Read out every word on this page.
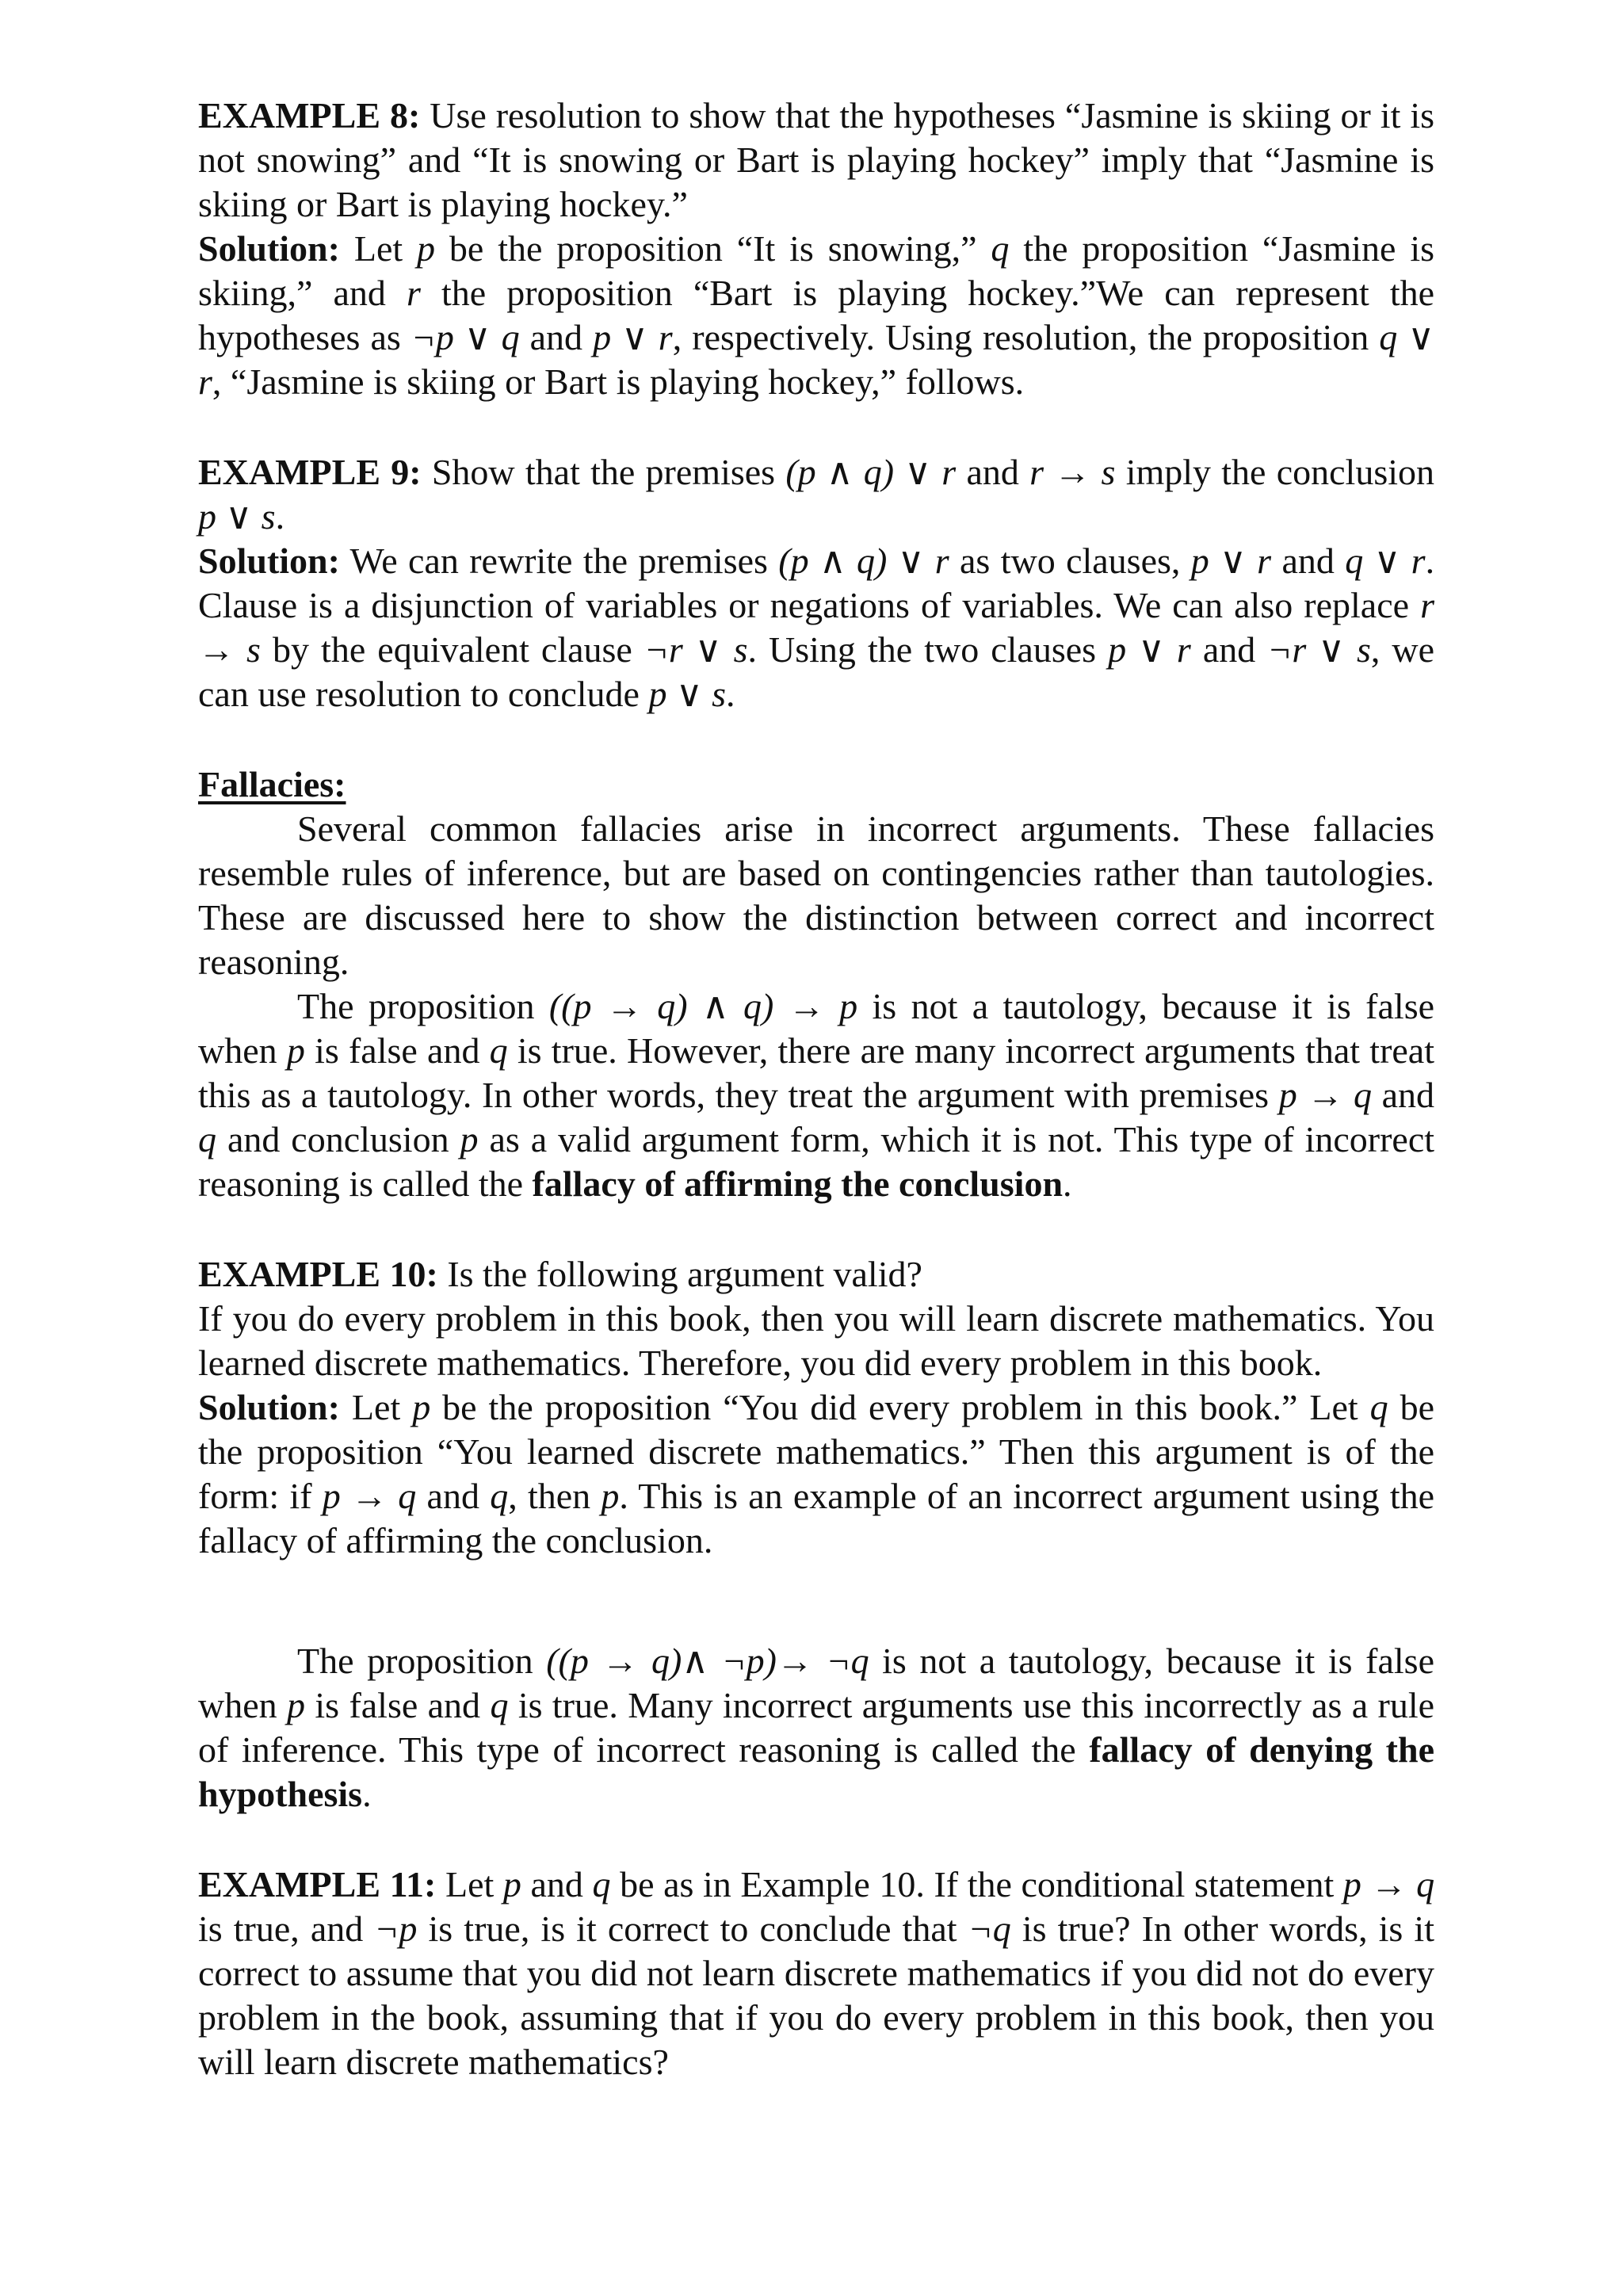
EXAMPLE 8: Use resolution to show that the hypotheses “Jasmine is skiing or it is not snowing” and “It is snowing or Bart is playing hockey” imply that “Jasmine is skiing or Bart is playing hockey.”
Solution: Let p be the proposition “It is snowing,” q the proposition “Jasmine is skiing,” and r the proposition “Bart is playing hockey.”We can represent the hypotheses as ¬p ∨ q and p ∨ r, respectively. Using resolution, the proposition q ∨ r, “Jasmine is skiing or Bart is playing hockey,” follows.

EXAMPLE 9: Show that the premises (p ∧ q) ∨ r and r → s imply the conclusion p ∨ s.
Solution: We can rewrite the premises (p ∧ q) ∨ r as two clauses, p ∨ r and q ∨ r. Clause is a disjunction of variables or negations of variables. We can also replace r → s by the equivalent clause ¬r ∨ s. Using the two clauses p ∨ r and ¬r ∨ s, we can use resolution to conclude p ∨ s.

Fallacies:

Several common fallacies arise in incorrect arguments. These fallacies resemble rules of inference, but are based on contingencies rather than tautologies. These are discussed here to show the distinction between correct and incorrect reasoning.

The proposition ((p → q) ∧ q) → p is not a tautology, because it is false when p is false and q is true. However, there are many incorrect arguments that treat this as a tautology. In other words, they treat the argument with premises p → q and q and conclusion p as a valid argument form, which it is not. This type of incorrect reasoning is called the fallacy of affirming the conclusion.

EXAMPLE 10: Is the following argument valid?
If you do every problem in this book, then you will learn discrete mathematics. You learned discrete mathematics. Therefore, you did every problem in this book.
Solution: Let p be the proposition “You did every problem in this book.” Let q be the proposition “You learned discrete mathematics.” Then this argument is of the form: if p → q and q, then p. This is an example of an incorrect argument using the fallacy of affirming the conclusion.

The proposition ((p → q)∧ ¬p)→ ¬q is not a tautology, because it is false when p is false and q is true. Many incorrect arguments use this incorrectly as a rule of inference. This type of incorrect reasoning is called the fallacy of denying the hypothesis.

EXAMPLE 11: Let p and q be as in Example 10. If the conditional statement p → q is true, and ¬p is true, is it correct to conclude that ¬q is true? In other words, is it correct to assume that you did not learn discrete mathematics if you did not do every problem in the book, assuming that if you do every problem in this book, then you will learn discrete mathematics?
